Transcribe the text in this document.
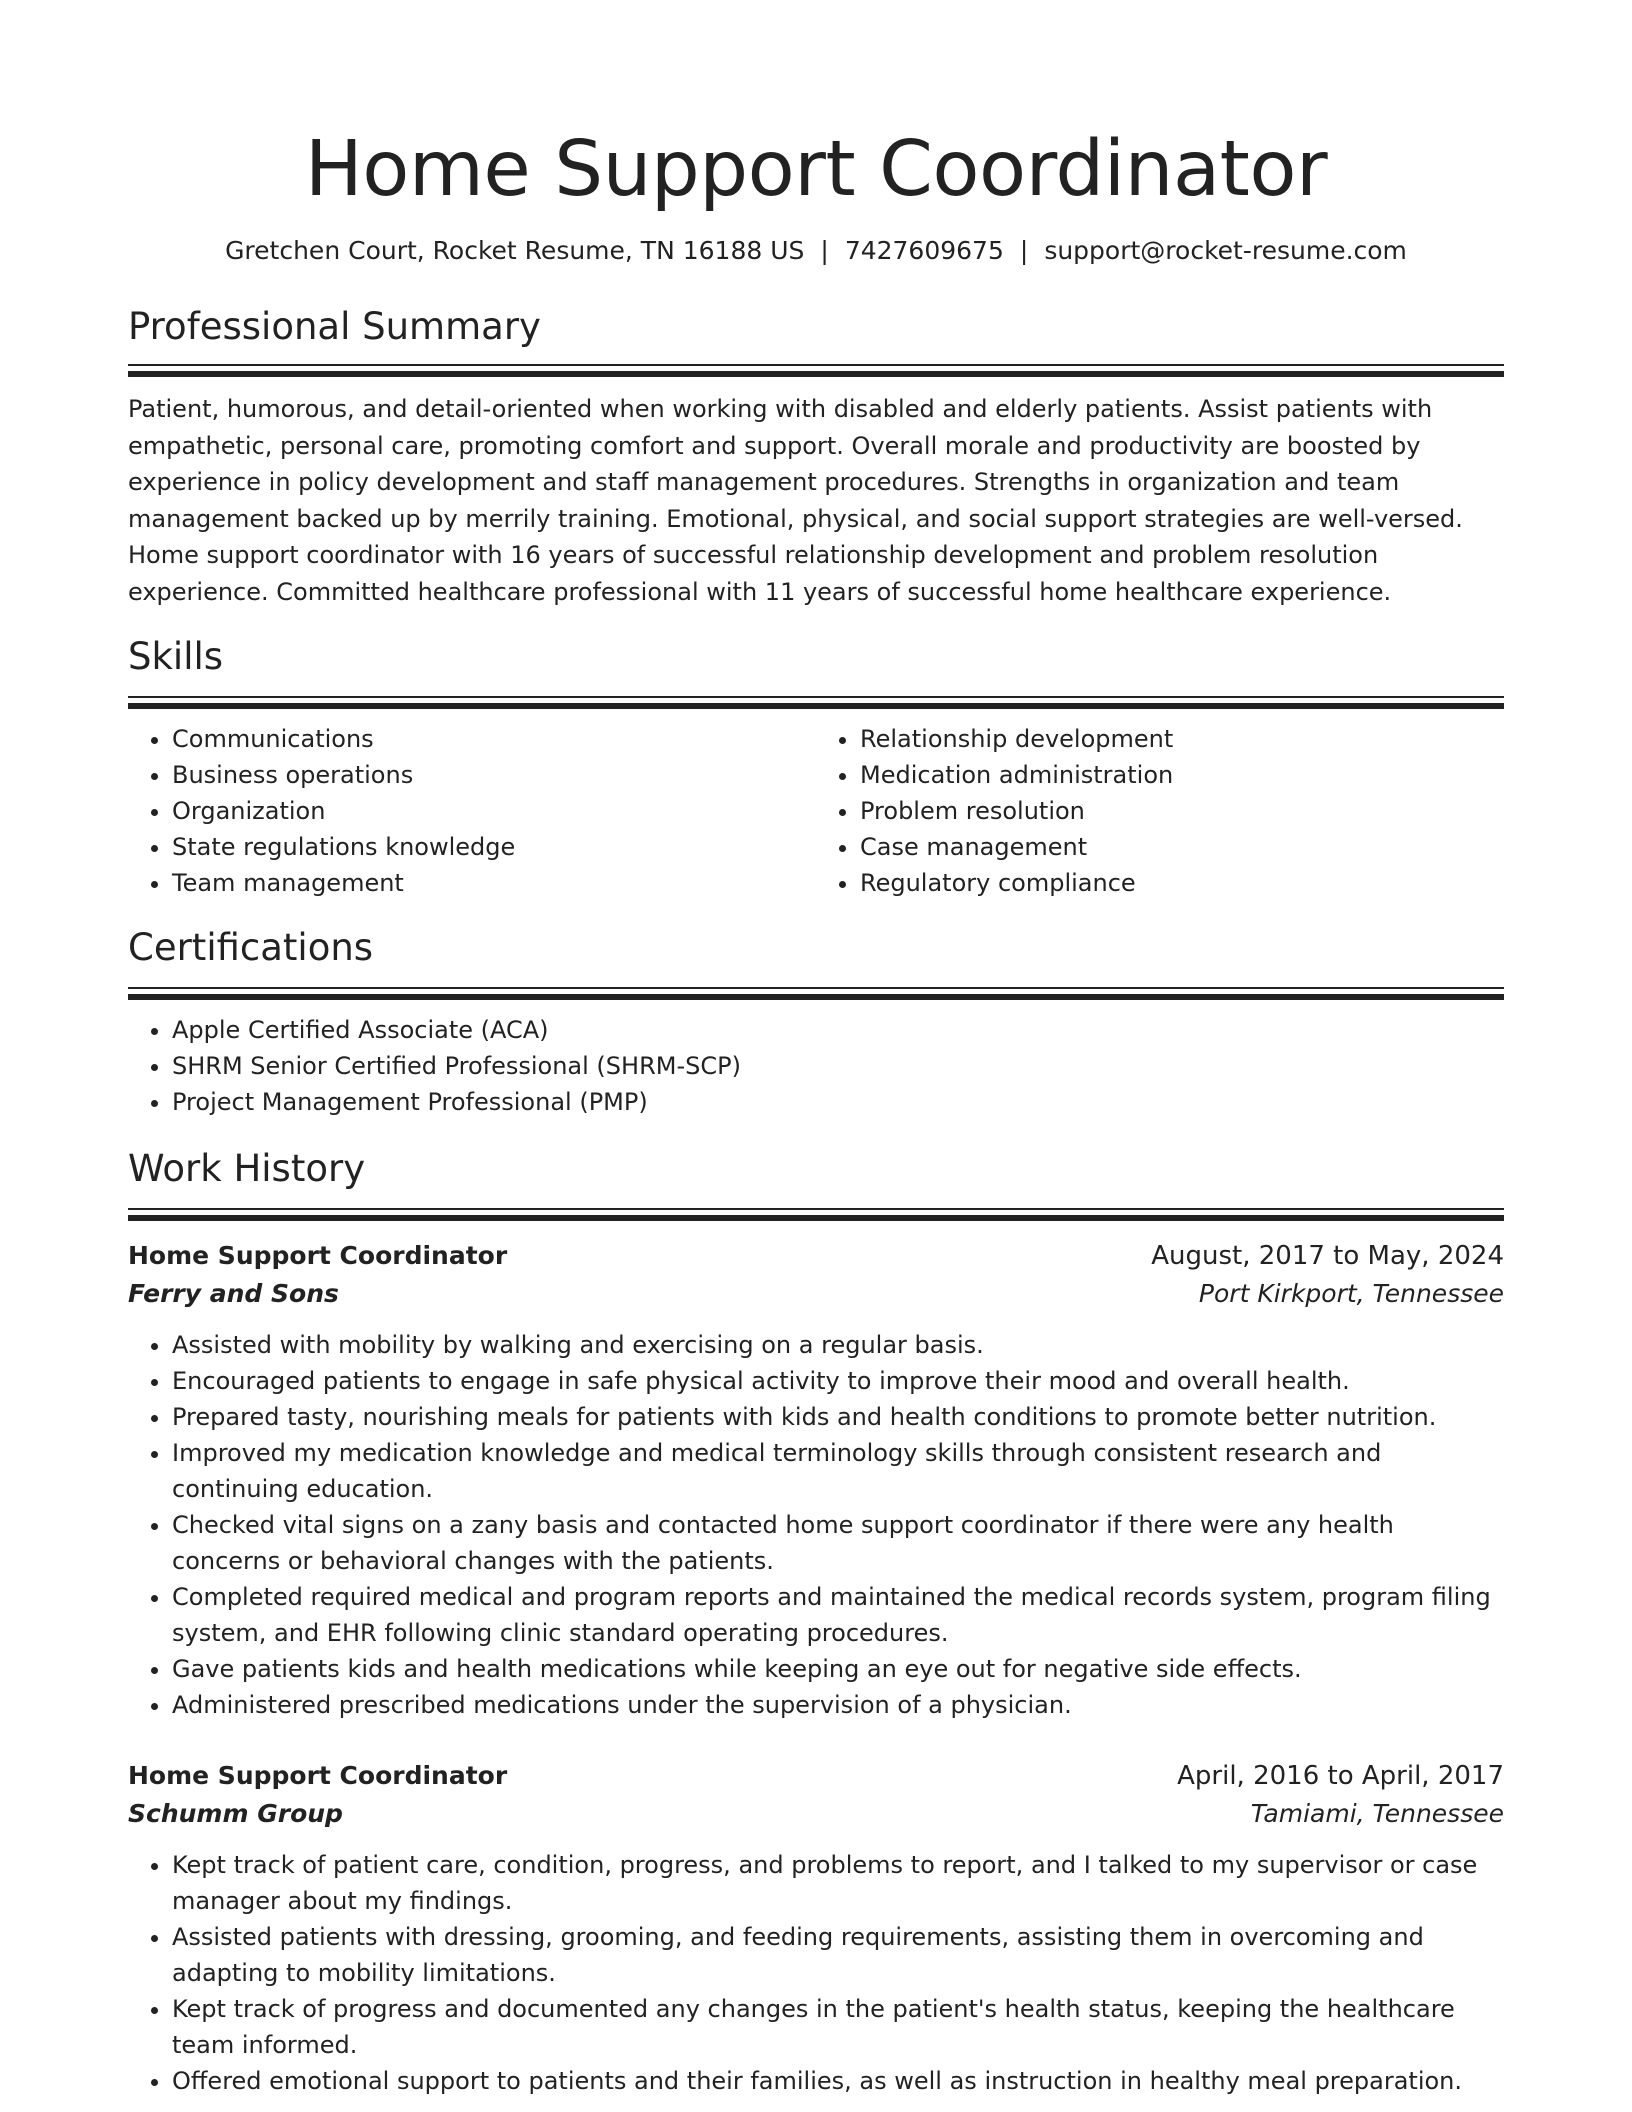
Home Support Coordinator
Gretchen Court, Rocket Resume, TN 16188 US | 7427609675 | support@rocket-resume.com
Professional Summary

Patient, humorous, and detail-oriented when working with disabled and elderly patients. Assist patients with empathetic, personal care, promoting comfort and support. Overall morale and productivity are boosted by experience in policy development and staff management procedures. Strengths in organization and team management backed up by merrily training. Emotional, physical, and social support strategies are well-versed. Home support coordinator with 16 years of successful relationship development and problem resolution experience. Committed healthcare professional with 11 years of successful home healthcare experience.

Skills
• Communications
• Business operations
• Organization
• State regulations knowledge
• Team management
• Relationship development
• Medication administration
• Problem resolution
• Case management
• Regulatory compliance
Certifications
• Apple Certified Associate (ACA)
• SHRM Senior Certified Professional (SHRM-SCP)
• Project Management Professional (PMP)
Work History
Home Support Coordinator	August, 2017 to May, 2024
Ferry and Sons	Port Kirkport, Tennessee
• Assisted with mobility by walking and exercising on a regular basis.
• Encouraged patients to engage in safe physical activity to improve their mood and overall health.
• Prepared tasty, nourishing meals for patients with kids and health conditions to promote better nutrition.
• Improved my medication knowledge and medical terminology skills through consistent research and continuing education.
• Checked vital signs on a zany basis and contacted home support coordinator if there were any health concerns or behavioral changes with the patients.
• Completed required medical and program reports and maintained the medical records system, program filing system, and EHR following clinic standard operating procedures.
• Gave patients kids and health medications while keeping an eye out for negative side effects.
• Administered prescribed medications under the supervision of a physician.
Home Support Coordinator	April, 2016 to April, 2017
Schumm Group	Tamiami, Tennessee
• Kept track of patient care, condition, progress, and problems to report, and I talked to my supervisor or case manager about my findings.
• Assisted patients with dressing, grooming, and feeding requirements, assisting them in overcoming and adapting to mobility limitations.
• Kept track of progress and documented any changes in the patient's health status, keeping the healthcare team informed.
• Offered emotional support to patients and their families, as well as instruction in healthy meal preparation.
